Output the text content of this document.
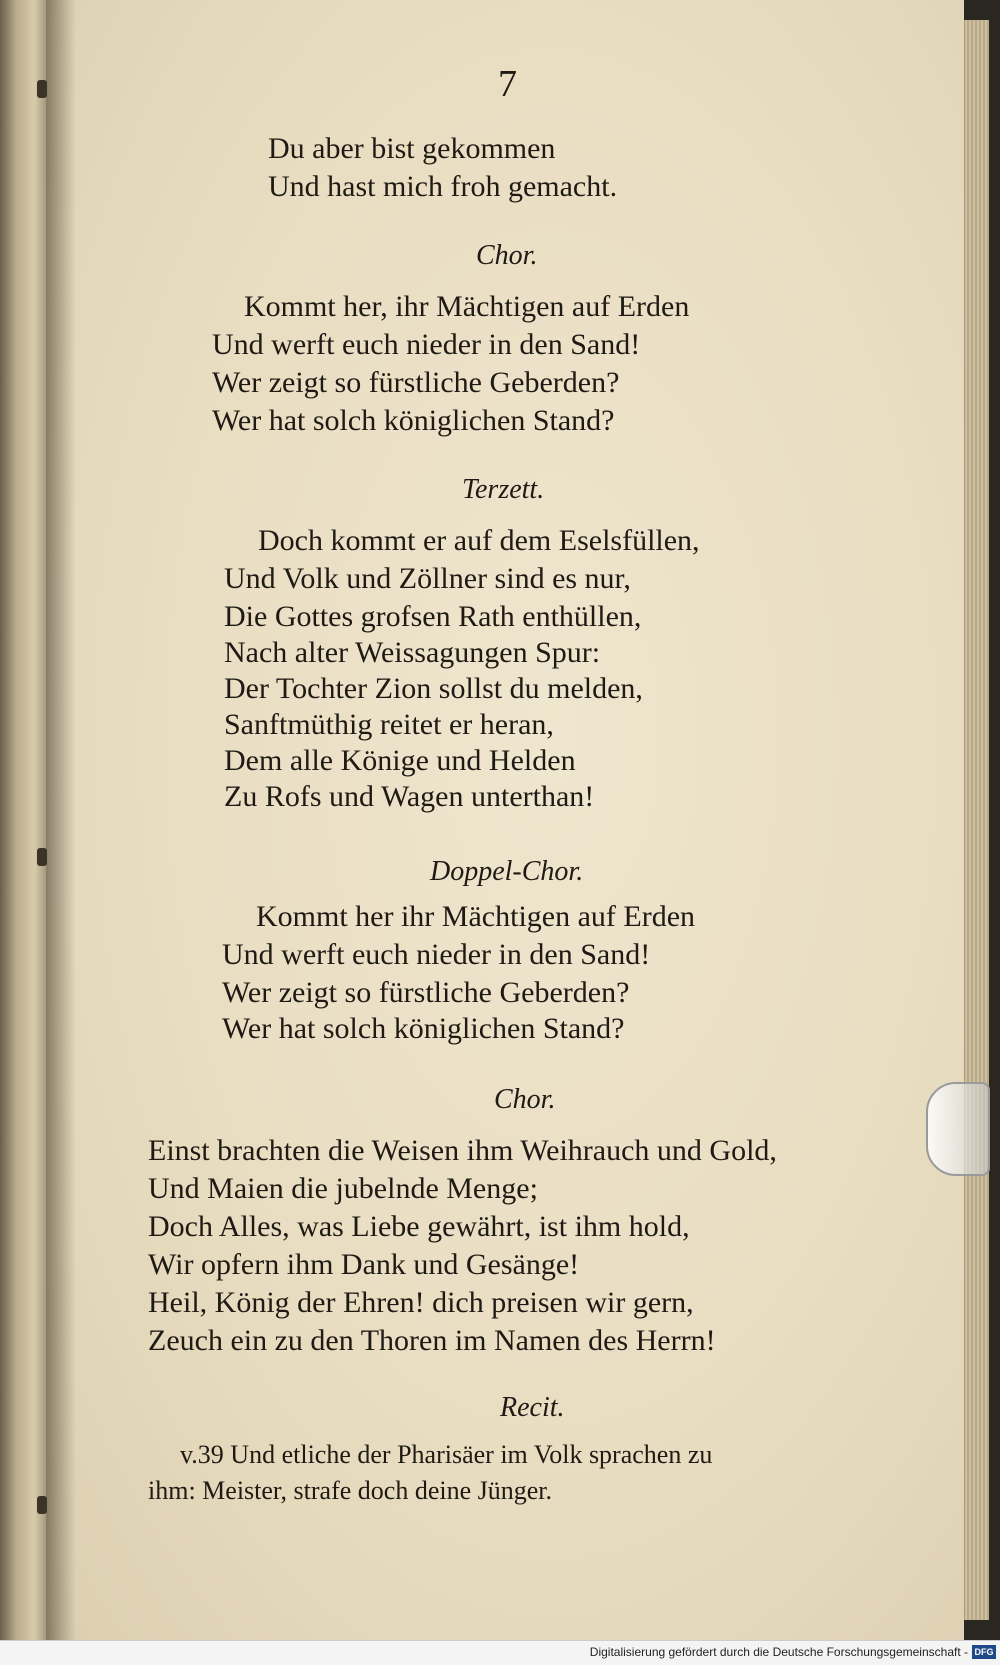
7
Du aber bist gekommen
Und hast mich froh gemacht.
Chor.
Kommt her, ihr Mächtigen auf Erden
Und werft euch nieder in den Sand!
Wer zeigt so fürstliche Geberden?
Wer hat solch königlichen Stand?
Terzett.
Doch kommt er auf dem Eselsfüllen,
Und Volk und Zöllner sind es nur,
Die Gottes grofsen Rath enthüllen,
Nach alter Weissagungen Spur:
Der Tochter Zion sollst du melden,
Sanftmüthig reitet er heran,
Dem alle Könige und Helden
Zu Rofs und Wagen unterthan!
Doppel-Chor.
Kommt her ihr Mächtigen auf Erden
Und werft euch nieder in den Sand!
Wer zeigt so fürstliche Geberden?
Wer hat solch königlichen Stand?
Chor.
Einst brachten die Weisen ihm Weihrauch und Gold,
Und Maien die jubelnde Menge;
Doch Alles, was Liebe gewährt, ist ihm hold,
Wir opfern ihm Dank und Gesänge!
Heil, König der Ehren! dich preisen wir gern,
Zeuch ein zu den Thoren im Namen des Herrn!
Recit.
v.39 Und etliche der Pharisäer im Volk sprachen zu
ihm: Meister, strafe doch deine Jünger.
Digitalisierung gefördert durch die Deutsche Forschungsgemeinschaft - DFG
